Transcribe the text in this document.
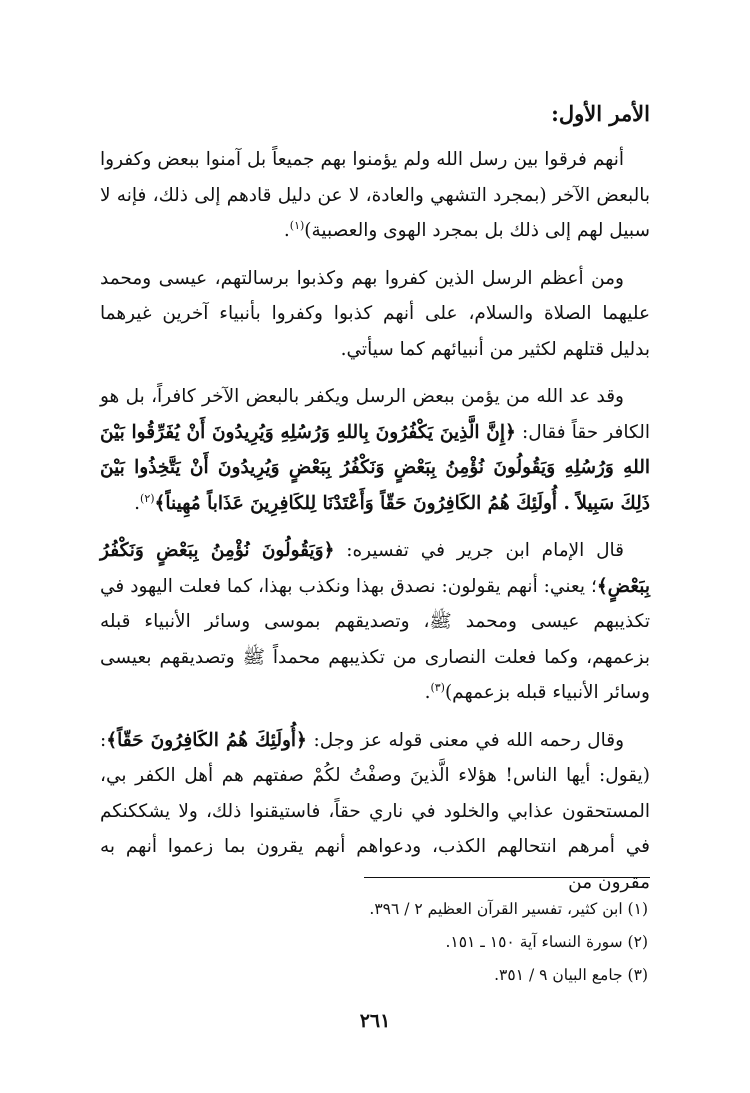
الأمر الأول:

أنهم فرقوا بين رسل الله ولم يؤمنوا بهم جميعاً بل آمنوا ببعض وكفروا بالبعض الآخر (بمجرد التشهي والعادة، لا عن دليل قادهم إلى ذلك، فإنه لا سبيل لهم إلى ذلك بل بمجرد الهوى والعصبية)$^{(١)}$.

ومن أعظم الرسل الذين كفروا بهم وكذبوا برسالتهم، عيسى ومحمد عليهما الصلاة والسلام، على أنهم كذبوا وكفروا بأنبياء آخرين غيرهما بدليل قتلهم لكثير من أنبيائهم كما سيأتي.

وقد عد الله من يؤمن ببعض الرسل ويكفر بالبعض الآخر كافراً، بل هو الكافر حقاً فقال: ﴿إِنَّ الَّذِينَ يَكْفُرُونَ بِاللهِ وَرُسُلِهِ وَيُرِيدُونَ أَنْ يُفَرِّقُوا بَيْنَ اللهِ وَرُسُلِهِ وَيَقُولُونَ نُؤْمِنُ بِبَعْضٍ وَنَكْفُرُ بِبَعْضٍ وَيُرِيدُونَ أَنْ يَتَّخِذُوا بَيْنَ ذَلِكَ سَبِيلاً . أُولَئِكَ هُمُ الكَافِرُونَ حَقّاً وَأَعْتَدْنَا لِلكَافِرِينَ عَذَاباً مُهِيناً﴾$^{(٢)}$.

قال الإمام ابن جرير في تفسيره: ﴿وَيَقُولُونَ نُؤْمِنُ بِبَعْضٍ وَنَكْفُرُ بِبَعْضٍ﴾؛ يعني: أنهم يقولون: نصدق بهذا ونكذب بهذا، كما فعلت اليهود في تكذيبهم عيسى ومحمد ﷺ، وتصديقهم بموسى وسائر الأنبياء قبله بزعمهم، وكما فعلت النصارى من تكذيبهم محمداً ﷺ وتصديقهم بعيسى وسائر الأنبياء قبله بزعمهم)$^{(٣)}$.

وقال رحمه الله في معنى قوله عز وجل: ﴿أُولَئِكَ هُمُ الكَافِرُونَ حَقّاً﴾: (يقول: أيها الناس! هؤلاء الَّذينَ وصفْتُ لكُمْ صفتهم هم أهل الكفر بي، المستحقون عذابي والخلود في ناري حقاً، فاستيقنوا ذلك، ولا يشككنكم في أمرهم انتحالهم الكذب، ودعواهم أنهم يقرون بما زعموا أنهم به مقرون من

(١) ابن كثير، تفسير القرآن العظيم ٢ / ٣٩٦.
(٢) سورة النساء آية ١٥٠ ـ ١٥١.
(٣) جامع البيان ٩ / ٣٥١.
٢٦١
